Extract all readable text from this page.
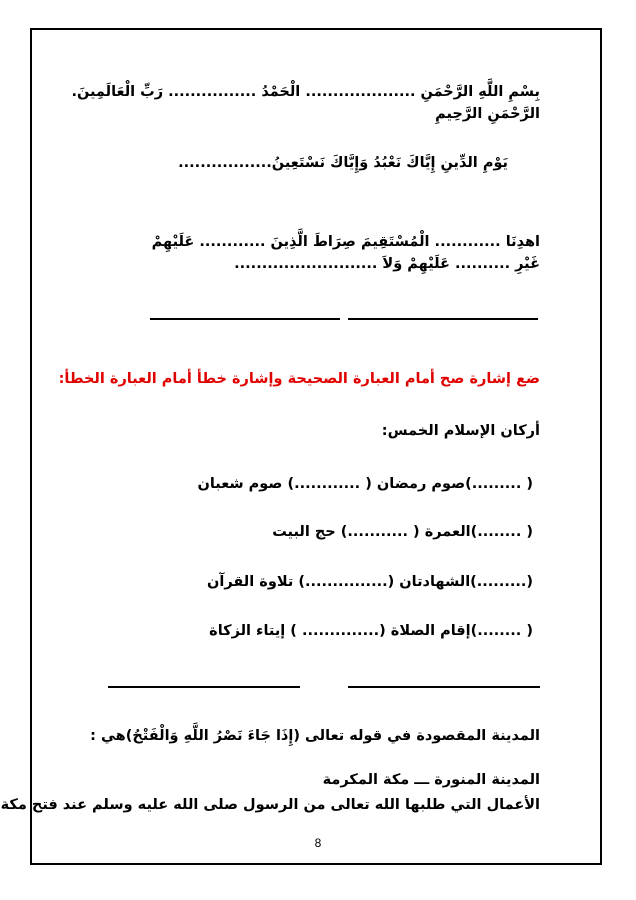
بِسْمِ اللَّهِ الرَّحْمَنِ .................... الْحَمْدُ ................ رَبِّ الْعَالَمِينَ.
الرَّحْمَنِ الرَّحِيمِ
يَوْمِ الدِّينِ إِيَّاكَ نَعْبُدُ وَإِيَّاكَ نَسْتَعِينُ.................
اهدِنَا ............ الْمُسْتَقِيمَ صِرَاطَ الَّذِينَ ............ عَلَيْهِمْ
غَيْرِ .......... عَلَيْهِمْ وَلاَ ..........................
ضع إشارة صح أمام العبارة الصحيحة وإشارة خطأ أمام العبارة الخطأ:
أركان الإسلام الخمس:
( .........)صوم رمضان ( ............) صوم شعبان
( ........)العمرة ( ...........) حج البيت
(.........)الشهادتان (...............) تلاوة القرآن
( ........)إقام الصلاة (.............. ) إيتاء الزكاة
المدينة المقصودة في قوله تعالى (إِذَا جَاءَ نَصْرُ اللَّهِ وَالْفَتْحُ)هي :
المدينة المنورة ـــ مكة المكرمة
الأعمال التي طلبها الله تعالى من الرسول صلى الله عليه وسلم عند فتح مكة
8
